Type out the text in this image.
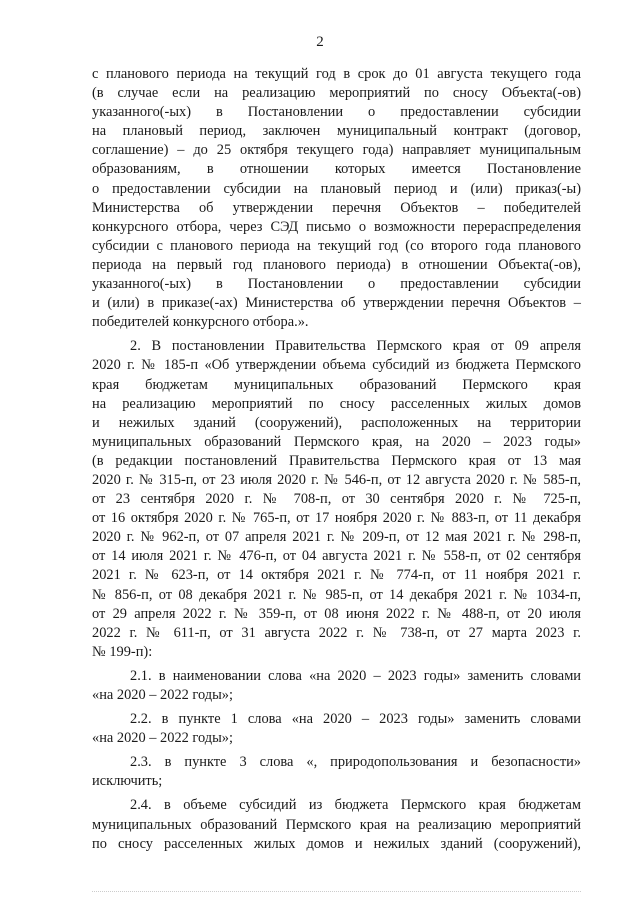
2
с планового периода на текущий год в срок до 01 августа текущего года
(в случае если на реализацию мероприятий по сносу Объекта(-ов)
указанного(-ых) в Постановлении о предоставлении субсидии
на плановый период, заключен муниципальный контракт (договор,
соглашение) – до 25 октября текущего года) направляет муниципальным
образованиям, в отношении которых имеется Постановление
о предоставлении субсидии на плановый период и (или) приказ(-ы)
Министерства об утверждении перечня Объектов – победителей
конкурсного отбора, через СЭД письмо о возможности перераспределения
субсидии с планового периода на текущий год (со второго года планового
периода на первый год планового периода) в отношении Объекта(-ов),
указанного(-ых) в Постановлении о предоставлении субсидии
и (или) в приказе(-ах) Министерства об утверждении перечня Объектов –
победителей конкурсного отбора.».
2. В постановлении Правительства Пермского края от 09 апреля
2020 г. № 185-п «Об утверждении объема субсидий из бюджета Пермского
края бюджетам муниципальных образований Пермского края
на реализацию мероприятий по сносу расселенных жилых домов
и нежилых зданий (сооружений), расположенных на территории
муниципальных образований Пермского края, на 2020 – 2023 годы»
(в редакции постановлений Правительства Пермского края от 13 мая
2020 г. № 315-п, от 23 июля 2020 г. № 546-п, от 12 августа 2020 г. № 585-п,
от 23 сентября 2020 г. № 708-п, от 30 сентября 2020 г. № 725-п,
от 16 октября 2020 г. № 765-п, от 17 ноября 2020 г. № 883-п, от 11 декабря
2020 г. № 962-п, от 07 апреля 2021 г. № 209-п, от 12 мая 2021 г. № 298-п,
от 14 июля 2021 г. № 476-п, от 04 августа 2021 г. № 558-п, от 02 сентября
2021 г. № 623-п, от 14 октября 2021 г. № 774-п, от 11 ноября 2021 г.
№ 856-п, от 08 декабря 2021 г. № 985-п, от 14 декабря 2021 г. № 1034-п,
от 29 апреля 2022 г. № 359-п, от 08 июня 2022 г. № 488-п, от 20 июля
2022 г. № 611-п, от 31 августа 2022 г. № 738-п, от 27 марта 2023 г.
№ 199-п):
2.1. в наименовании слова «на 2020 – 2023 годы» заменить словами
«на 2020 – 2022 годы»;
2.2. в пункте 1 слова «на 2020 – 2023 годы» заменить словами
«на 2020 – 2022 годы»;
2.3. в пункте 3 слова «, природопользования и безопасности»
исключить;
2.4. в объеме субсидий из бюджета Пермского края бюджетам
муниципальных образований Пермского края на реализацию мероприятий
по сносу расселенных жилых домов и нежилых зданий (сооружений),
